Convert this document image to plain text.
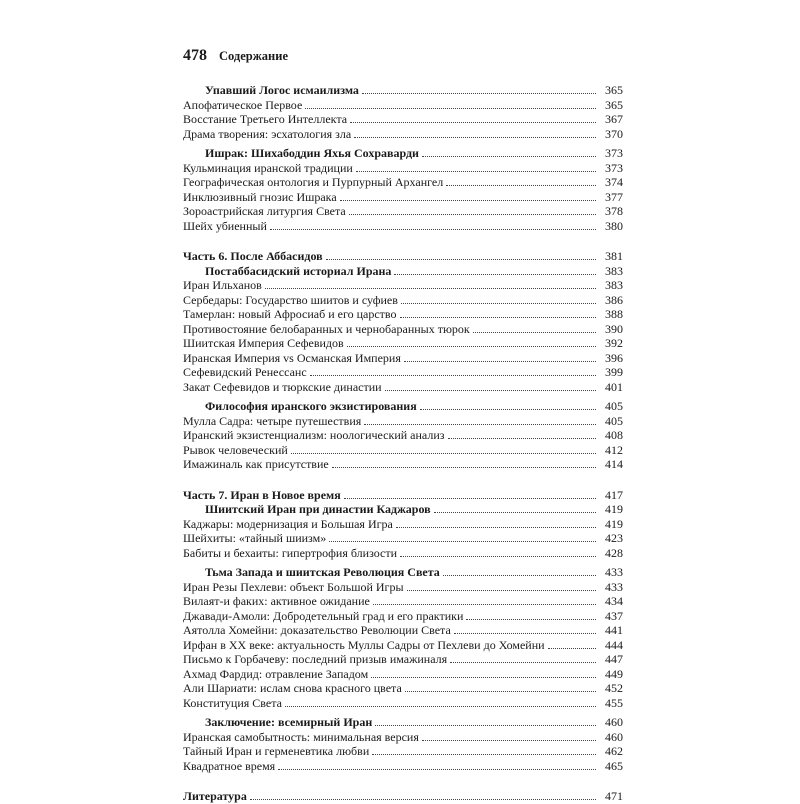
478 Содержание
Упавший Логос исмаилизма	365
Апофатическое Первое	365
Восстание Третьего Интеллекта	367
Драма творения: эсхатология зла	370
Ишрак: Шихабоддин Яхья Сохраварди	373
Кульминация иранской традиции	373
Географическая онтология и Пурпурный Архангел	374
Инклюзивный гнозис Ишрака	377
Зороастрийская литургия Света	378
Шейх убиенный	380
Часть 6. После Аббасидов	381
Постаббасидский историал Ирана	383
Иран Ильханов	383
Сербедары: Государство шиитов и суфиев	386
Тамерлан: новый Афросиаб и его царство	388
Противостояние белобаранных и чернобаранных тюрок	390
Шиитская Империя Сефевидов	392
Иранская Империя vs Османская Империя	396
Сефевидский Ренессанс	399
Закат Сефевидов и тюркские династии	401
Философия иранского экзистирования	405
Мулла Садра: четыре путешествия	405
Иранский экзистенциализм: ноологический анализ	408
Рывок человеческий	412
Имажиналь как присутствие	414
Часть 7. Иран в Новое время	417
Шиитский Иран при династии Каджаров	419
Каджары: модернизация и Большая Игра	419
Шейхиты: «тайный шиизм»	423
Бабиты и бехаиты: гипертрофия близости	428
Тьма Запада и шиитская Революция Света	433
Иран Резы Пехлеви: объект Большой Игры	433
Вилаят-и факих: активное ожидание	434
Джавади-Амоли: Добродетельный град и его практики	437
Аятолла Хомейни: доказательство Революции Света	441
Ирфан в XX веке: актуальность Муллы Садры от Пехлеви до Хомейни	444
Письмо к Горбачеву: последний призыв имажиналя	447
Ахмад Фардид: отравление Западом	449
Али Шариати: ислам снова красного цвета	452
Конституция Света	455
Заключение: всемирный Иран	460
Иранская самобытность: минимальная версия	460
Тайный Иран и герменевтика любви	462
Квадратное время	465
Литература	471
